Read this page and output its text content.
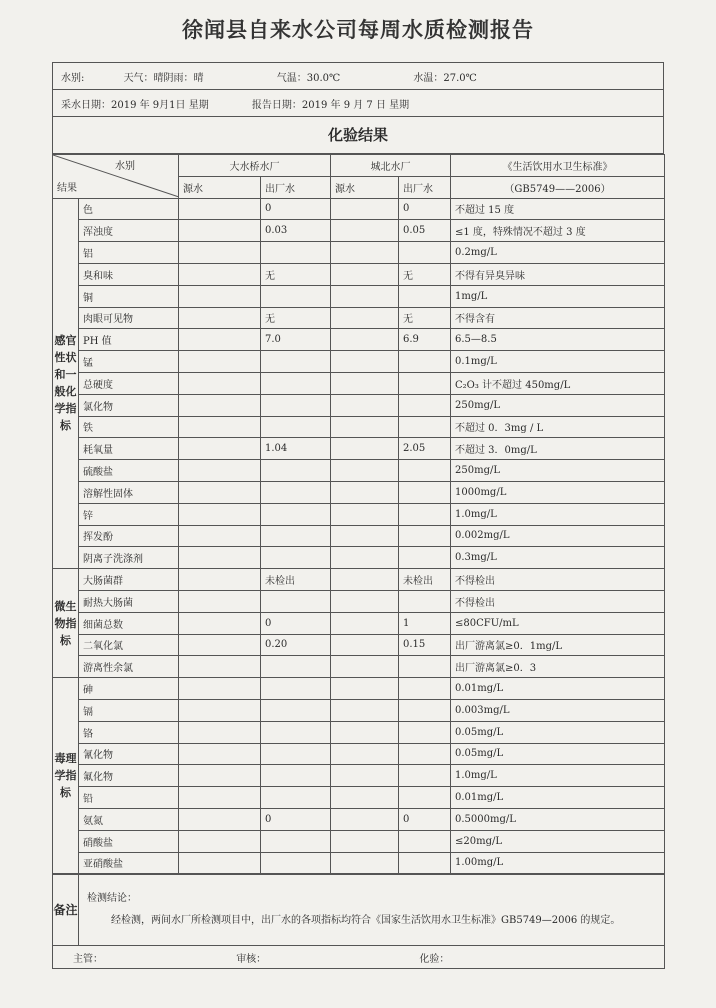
徐闻县自来水公司每周水质检测报告
水别:	天气：晴阴雨：晴	气温：30.0℃	水温：27.0℃
采水日期：2019 年 9月1日 星期	报告日期：2019 年 9 月 7 日 星期
化验结果
水别
结果		大水桥水厂		城北水厂		《生活饮用水卫生标准》
		源水	出厂水	源水	出厂水	（GB5749——2006）
感官性状和一般化学指标	色		0		0	不超过 15 度
	浑浊度		0.03		0.05	≤1 度，特殊情况不超过 3 度
	铝					0.2mg/L
	臭和味		无		无	不得有异臭异味
	铜					1mg/L
	肉眼可见物		无		无	不得含有
	PH 值		7.0		6.9	6.5—8.5
	锰					0.1mg/L
	总硬度					C₂O₃ 计不超过 450mg/L
	氯化物					250mg/L
	铁					不超过 0．3mg / L
	耗氧量		1.04		2.05	不超过 3．0mg/L
	硫酸盐					250mg/L
	溶解性固体					1000mg/L
	锌					1.0mg/L
	挥发酚					0.002mg/L
	阴离子洗涤剂					0.3mg/L
微生物指标	大肠菌群		未检出		未检出	不得检出
	耐热大肠菌					不得检出
	细菌总数		0		1	≤80CFU/mL
	二氧化氯		0.20		0.15	出厂游离氯≥0．1mg/L
	游离性余氯					出厂游离氯≥0．3
毒理学指标	砷					0.01mg/L
	镉					0.003mg/L
	铬					0.05mg/L
	氰化物					0.05mg/L
	氟化物					1.0mg/L
	铅					0.01mg/L
	氨氮		0		0	0.5000mg/L
	硝酸盐					≤20mg/L
	亚硝酸盐					1.00mg/L
备注	
检测结论：
经检测，两间水厂所检测项目中，出厂水的各项指标均符合《国家生活饮用水卫生标准》GB5749—2006 的规定。

主管：	审核：	化验：
